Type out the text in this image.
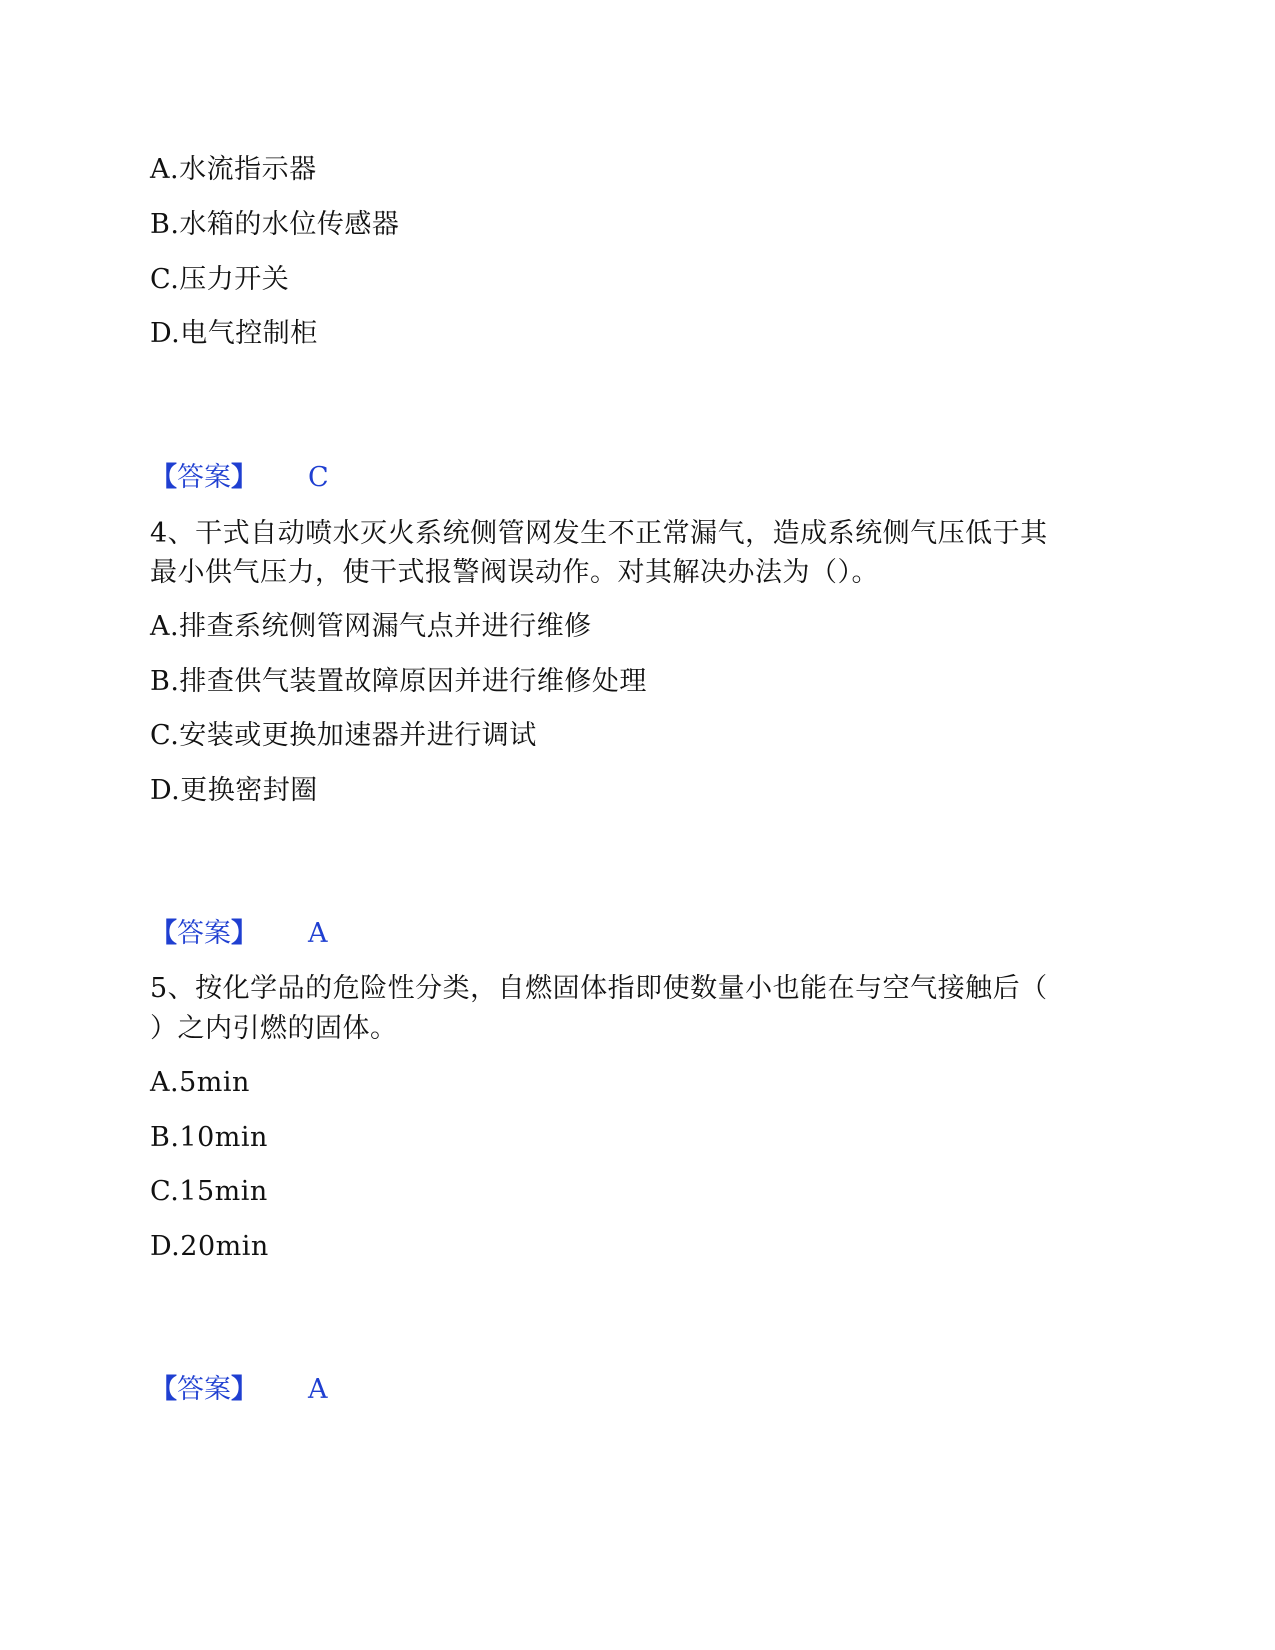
A.水流指示器
B.水箱的水位传感器
C.压力开关
D.电气控制柜
【答案】 C
4、干式自动喷水灭火系统侧管网发生不正常漏气，造成系统侧气压低于其
最小供气压力，使干式报警阀误动作。对其解决办法为（）。
A.排查系统侧管网漏气点并进行维修
B.排查供气装置故障原因并进行维修处理
C.安装或更换加速器并进行调试
D.更换密封圈
【答案】 A
5、按化学品的危险性分类，自燃固体指即使数量小也能在与空气接触后（
）之内引燃的固体。
A.5min
B.10min
C.15min
D.20min
【答案】 A
